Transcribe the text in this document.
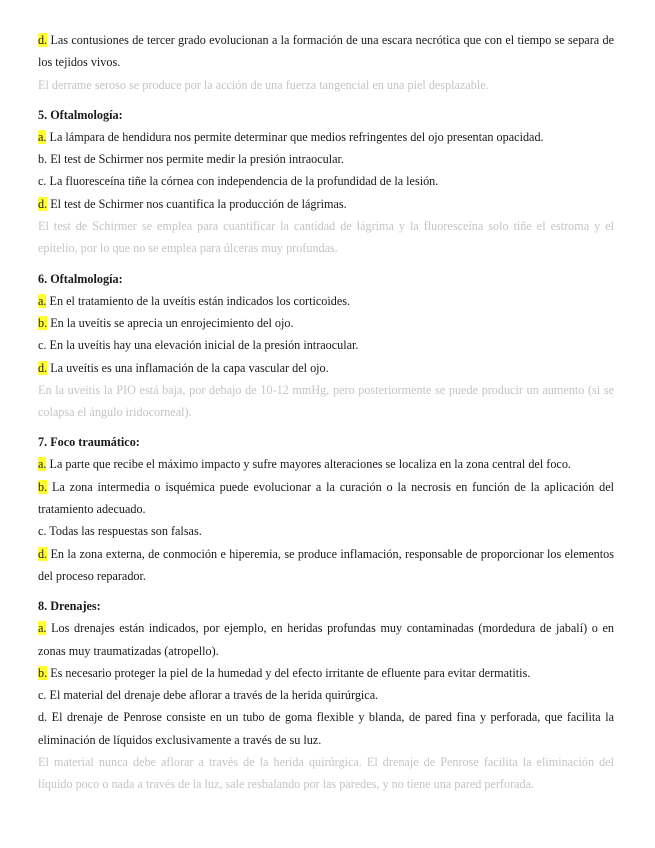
d. Las contusiones de tercer grado evolucionan a la formación de una escara necrótica que con el tiempo se separa de los tejidos vivos.

El derrame seroso se produce por la acción de una fuerza tangencial en una piel desplazable.

5. Oftalmología:

a. La lámpara de hendidura nos permite determinar que medios refringentes del ojo presentan opacidad.

b. El test de Schirmer nos permite medir la presión intraocular.

c. La fluoresceína tiñe la córnea con independencia de la profundidad de la lesión.

d. El test de Schirmer nos cuantifica la producción de lágrimas.

El test de Schirmer se emplea para cuantificar la cantidad de lágrima y la fluoresceína solo tiñe el estroma y el epitelio, por lo que no se emplea para úlceras muy profundas.

6. Oftalmología:

a. En el tratamiento de la uveítis están indicados los corticoides.

b. En la uveítis se aprecia un enrojecimiento del ojo.

c. En la uveítis hay una elevación inicial de la presión intraocular.

d. La uveítis es una inflamación de la capa vascular del ojo.

En la uveítis la PIO está baja, por debajo de 10-12 mmHg, pero posteriormente se puede producir un aumento (si se colapsa el ángulo iridocorneal).

7. Foco traumático:

a. La parte que recibe el máximo impacto y sufre mayores alteraciones se localiza en la zona central del foco.

b. La zona intermedia o isquémica puede evolucionar a la curación o la necrosis en función de la aplicación del tratamiento adecuado.

c. Todas las respuestas son falsas.

d. En la zona externa, de conmoción e hiperemia, se produce inflamación, responsable de proporcionar los elementos del proceso reparador.

8. Drenajes:

a. Los drenajes están indicados, por ejemplo, en heridas profundas muy contaminadas (mordedura de jabalí) o en zonas muy traumatizadas (atropello).

b. Es necesario proteger la piel de la humedad y del efecto irritante de efluente para evitar dermatitis.

c. El material del drenaje debe aflorar a través de la herida quirúrgica.

d. El drenaje de Penrose consiste en un tubo de goma flexible y blanda, de pared fina y perforada, que facilita la eliminación de líquidos exclusivamente a través de su luz.

El material nunca debe aflorar a través de la herida quirúrgica. El drenaje de Penrose facilita la eliminación del líquido poco o nada a través de la luz, sale resbalando por las paredes, y no tiene una pared perforada.
